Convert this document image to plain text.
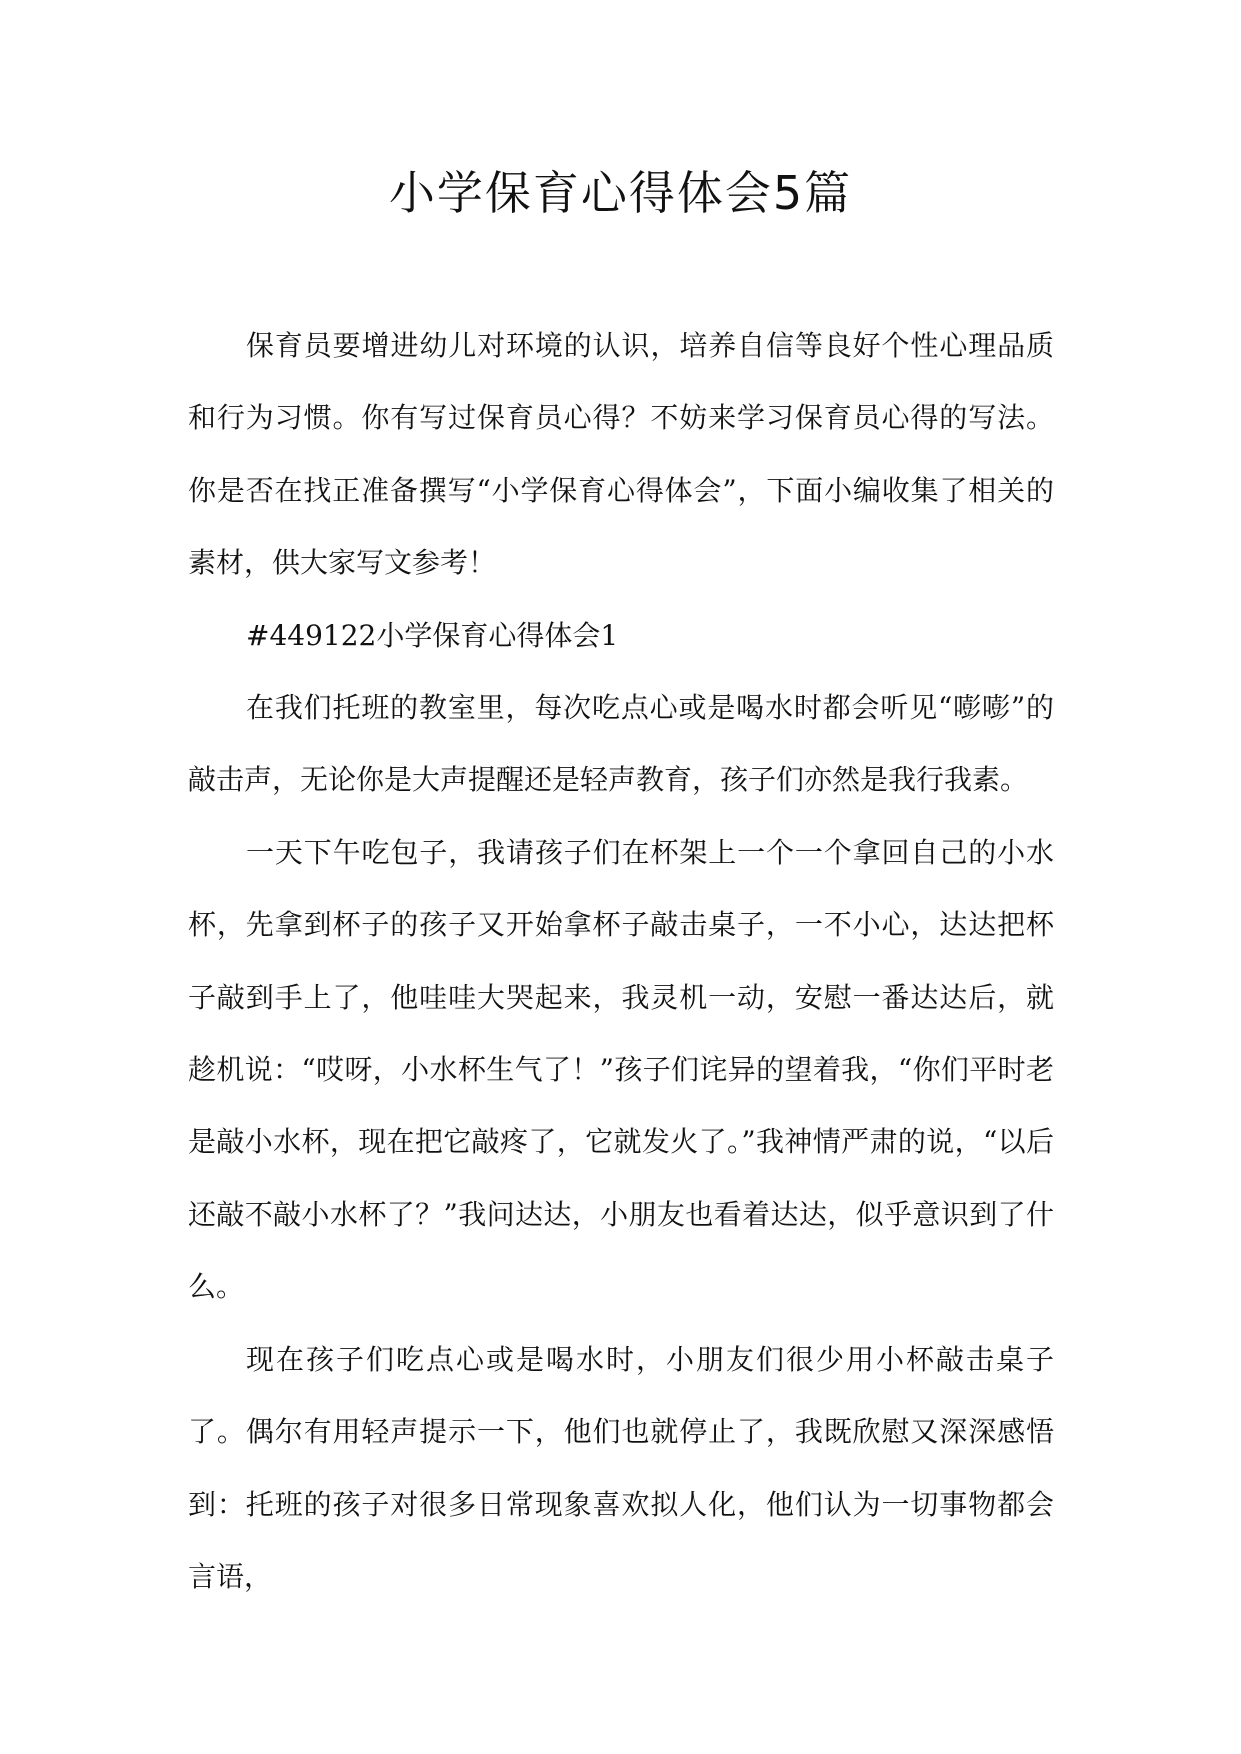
小学保育心得体会5篇

保育员要增进幼儿对环境的认识，培养自信等良好个性心理品质和行为习惯。你有写过保育员心得？不妨来学习保育员心得的写法。你是否在找正准备撰写“小学保育心得体会”，下面小编收集了相关的素材，供大家写文参考！

#449122小学保育心得体会1

在我们托班的教室里，每次吃点心或是喝水时都会听见“嘭嘭”的敲击声，无论你是大声提醒还是轻声教育，孩子们亦然是我行我素。

一天下午吃包子，我请孩子们在杯架上一个一个拿回自己的小水杯，先拿到杯子的孩子又开始拿杯子敲击桌子，一不小心，达达把杯子敲到手上了，他哇哇大哭起来，我灵机一动，安慰一番达达后，就趁机说：“哎呀，小水杯生气了！”孩子们诧异的望着我，“你们平时老是敲小水杯，现在把它敲疼了，它就发火了。”我神情严肃的说，“以后还敲不敲小水杯了？”我问达达，小朋友也看着达达，似乎意识到了什么。

现在孩子们吃点心或是喝水时，小朋友们很少用小杯敲击桌子了。偶尔有用轻声提示一下，他们也就停止了，我既欣慰又深深感悟到：托班的孩子对很多日常现象喜欢拟人化，他们认为一切事物都会言语，
